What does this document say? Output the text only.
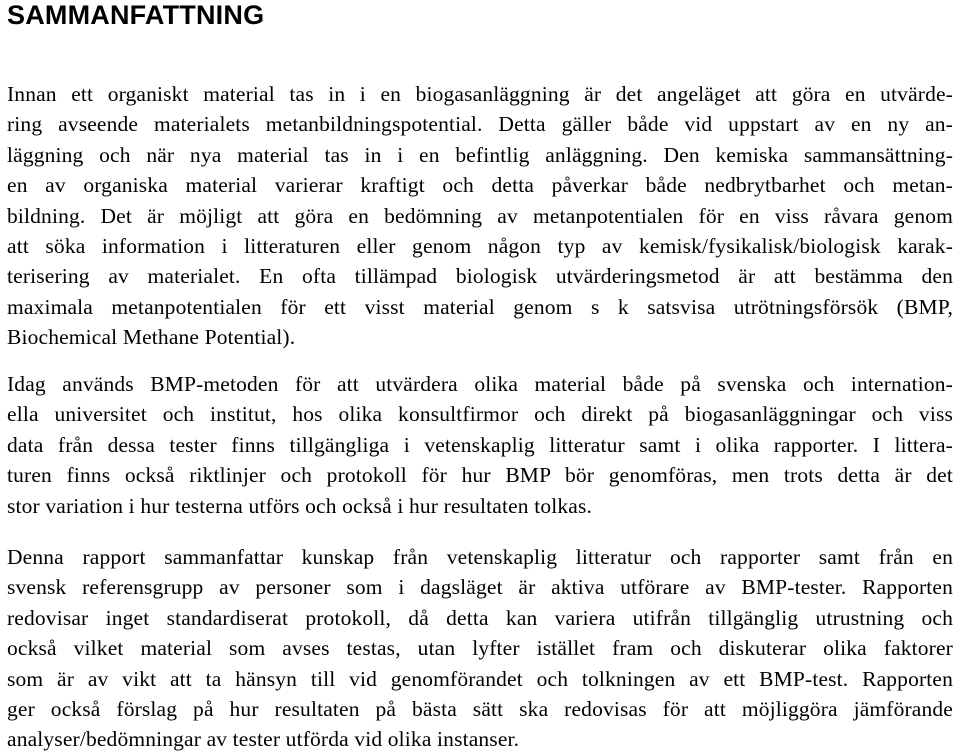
SAMMANFATTNING
Innan ett organiskt material tas in i en biogasanläggning är det angeläget att göra en utvärde-
ring avseende materialets metanbildningspotential. Detta gäller både vid uppstart av en ny an-
läggning och när nya material tas in i en befintlig anläggning. Den kemiska sammansättning-
en av organiska material varierar kraftigt och detta påverkar både nedbrytbarhet och metan-
bildning. Det är möjligt att göra en bedömning av metanpotentialen för en viss råvara genom
att söka information i litteraturen eller genom någon typ av kemisk/fysikalisk/biologisk karak-
terisering av materialet. En ofta tillämpad biologisk utvärderingsmetod är att bestämma den
maximala metanpotentialen för ett visst material genom s k satsvisa utrötningsförsök (BMP,
Biochemical Methane Potential).
Idag används BMP-metoden för att utvärdera olika material både på svenska och internation-
ella universitet och institut, hos olika konsultfirmor och direkt på biogasanläggningar och viss
data från dessa tester finns tillgängliga i vetenskaplig litteratur samt i olika rapporter. I littera-
turen finns också riktlinjer och protokoll för hur BMP bör genomföras, men trots detta är det
stor variation i hur testerna utförs och också i hur resultaten tolkas.
Denna rapport sammanfattar kunskap från vetenskaplig litteratur och rapporter samt från en
svensk referensgrupp av personer som i dagsläget är aktiva utförare av BMP-tester. Rapporten
redovisar inget standardiserat protokoll, då detta kan variera utifrån tillgänglig utrustning och
också vilket material som avses testas, utan lyfter istället fram och diskuterar olika faktorer
som är av vikt att ta hänsyn till vid genomförandet och tolkningen av ett BMP-test. Rapporten
ger också förslag på hur resultaten på bästa sätt ska redovisas för att möjliggöra jämförande
analyser/bedömningar av tester utförda vid olika instanser.
